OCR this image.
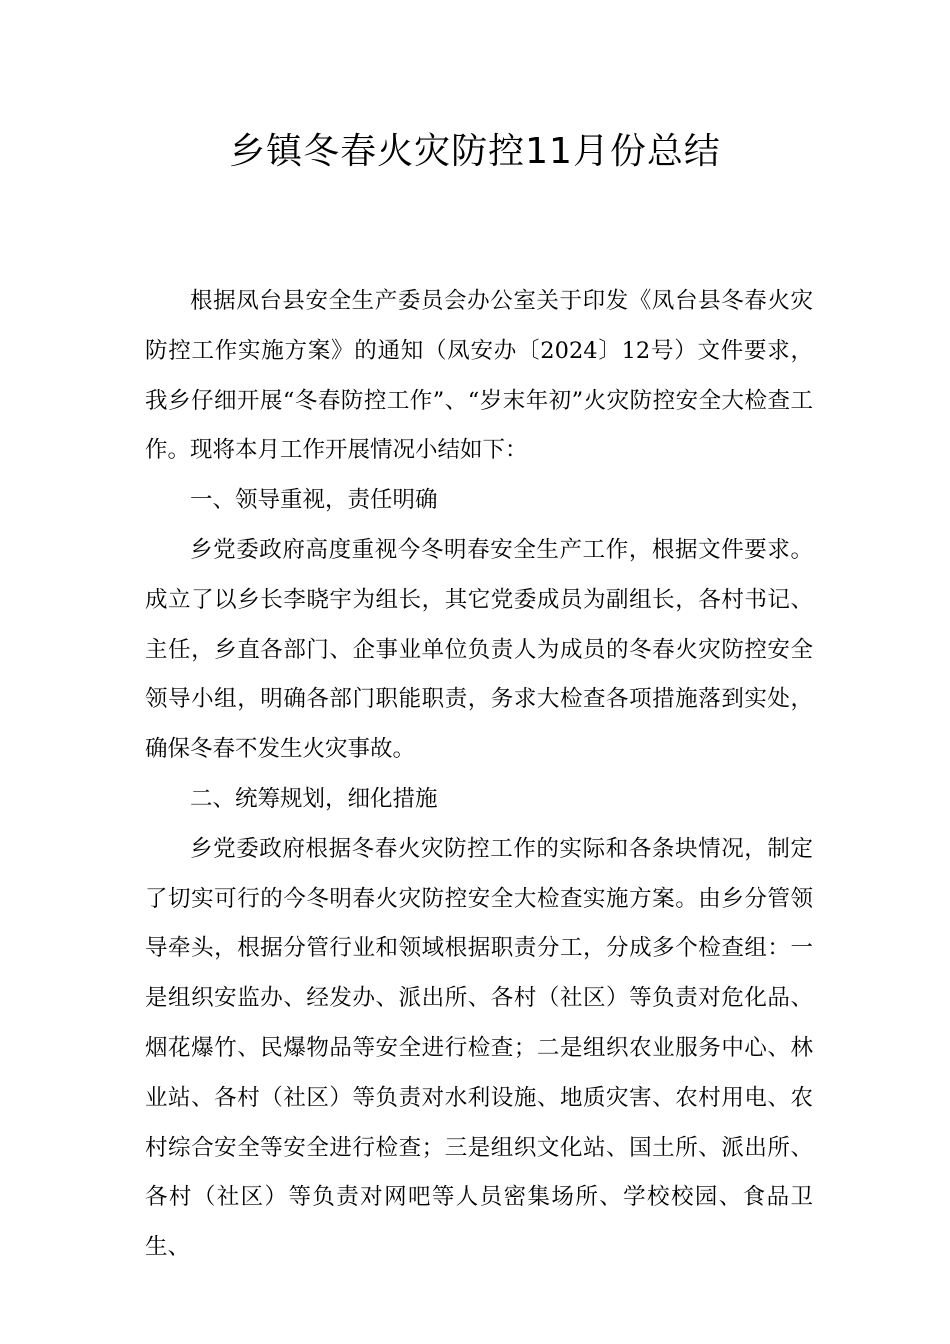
乡镇冬春火灾防控11月份总结

根据凤台县安全生产委员会办公室关于印发《凤台县冬春火灾防控工作实施方案》的通知（凤安办〔2024〕12号）文件要求，我乡仔细开展“冬春防控工作”、“岁末年初”火灾防控安全大检查工作。现将本月工作开展情况小结如下：

一、领导重视，责任明确

乡党委政府高度重视今冬明春安全生产工作，根据文件要求。成立了以乡长李晓宇为组长，其它党委成员为副组长，各村书记、主任，乡直各部门、企事业单位负责人为成员的冬春火灾防控安全领导小组，明确各部门职能职责，务求大检查各项措施落到实处，确保冬春不发生火灾事故。

二、统筹规划，细化措施

乡党委政府根据冬春火灾防控工作的实际和各条块情况，制定了切实可行的今冬明春火灾防控安全大检查实施方案。由乡分管领导牵头，根据分管行业和领域根据职责分工，分成多个检查组：一是组织安监办、经发办、派出所、各村（社区）等负责对危化品、烟花爆竹、民爆物品等安全进行检查；二是组织农业服务中心、林业站、各村（社区）等负责对水利设施、地质灾害、农村用电、农村综合安全等安全进行检查；三是组织文化站、国土所、派出所、各村（社区）等负责对网吧等人员密集场所、学校校园、食品卫生、
